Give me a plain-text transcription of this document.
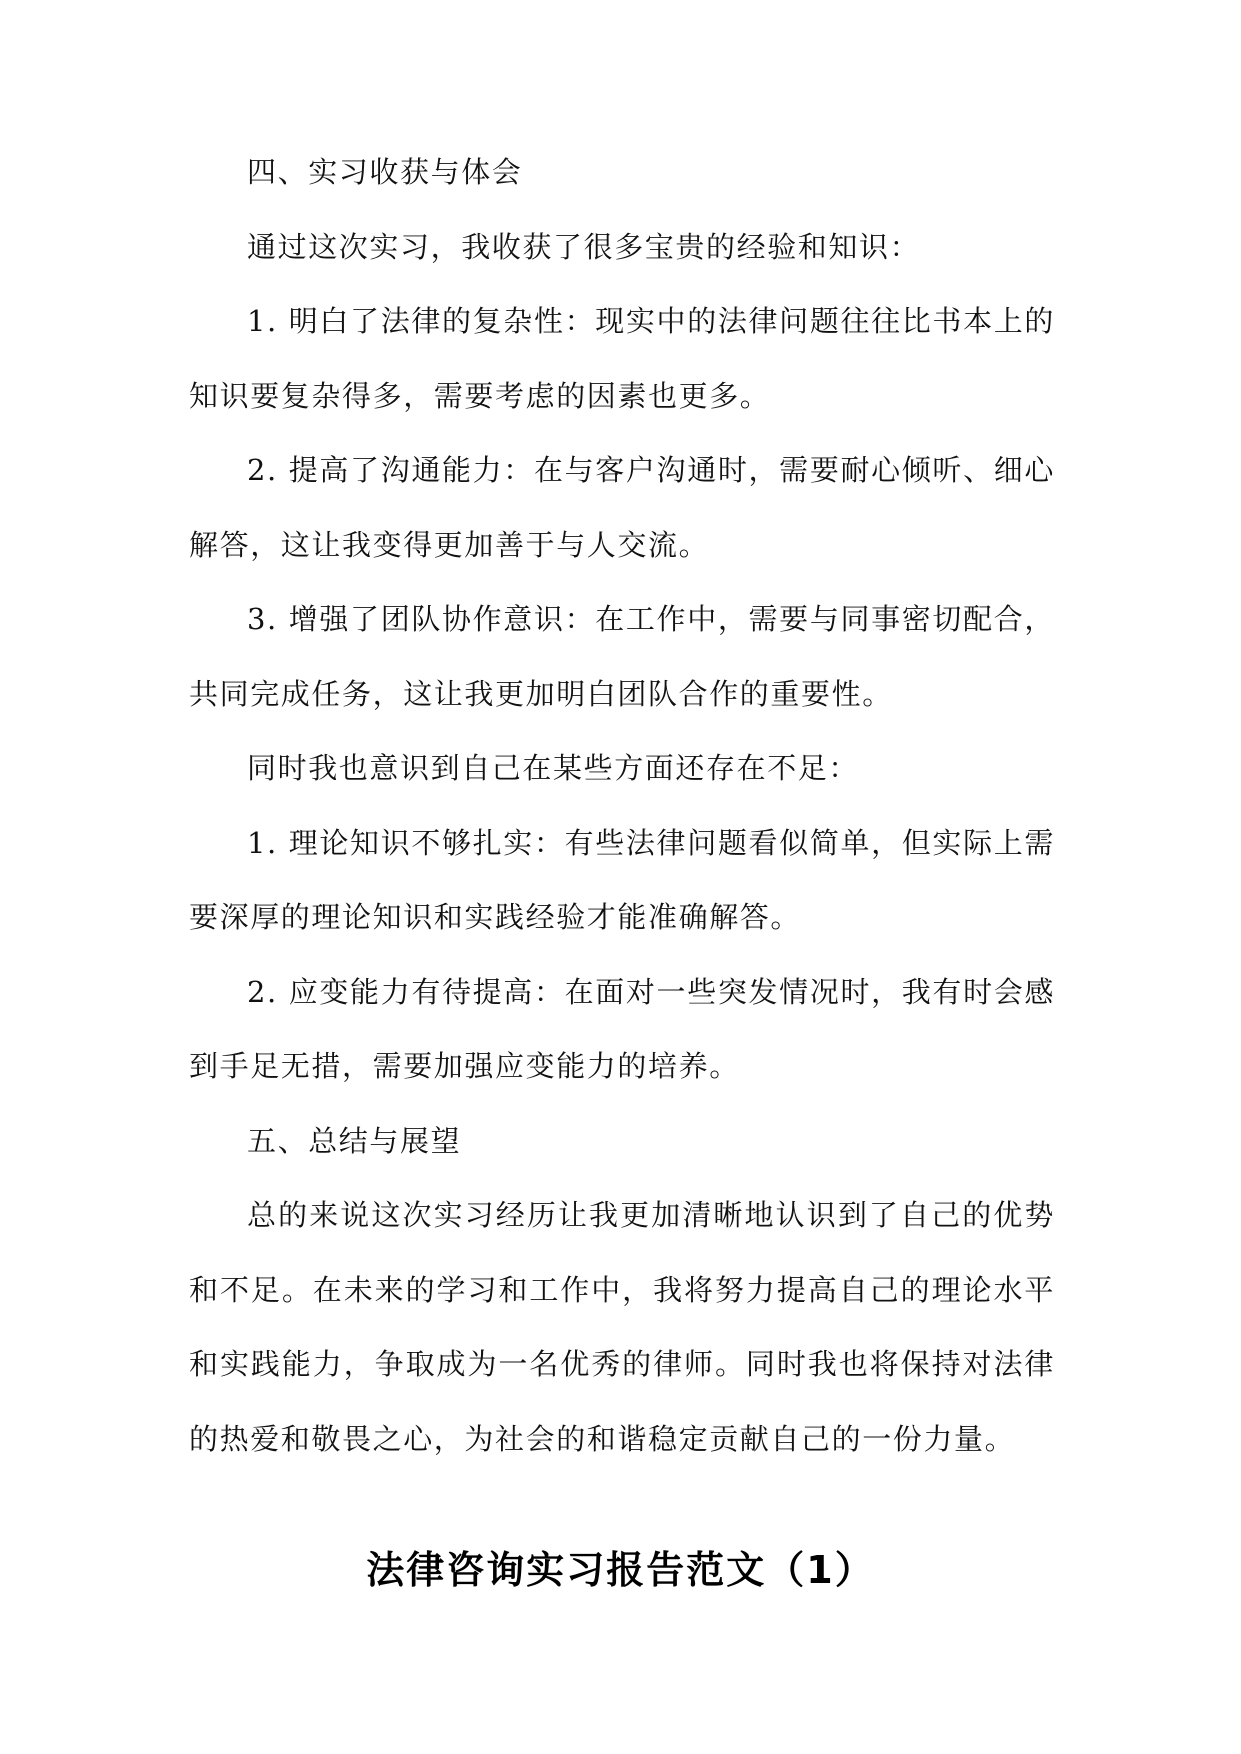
四、实习收获与体会

通过这次实习，我收获了很多宝贵的经验和知识：

1. 明白了法律的复杂性：现实中的法律问题往往比书本上的知识要复杂得多，需要考虑的因素也更多。

2. 提高了沟通能力：在与客户沟通时，需要耐心倾听、细心解答，这让我变得更加善于与人交流。

3. 增强了团队协作意识：在工作中，需要与同事密切配合，共同完成任务，这让我更加明白团队合作的重要性。

同时我也意识到自己在某些方面还存在不足：

1. 理论知识不够扎实：有些法律问题看似简单，但实际上需要深厚的理论知识和实践经验才能准确解答。

2. 应变能力有待提高：在面对一些突发情况时，我有时会感到手足无措，需要加强应变能力的培养。

五、总结与展望

总的来说这次实习经历让我更加清晰地认识到了自己的优势和不足。在未来的学习和工作中，我将努力提高自己的理论水平和实践能力，争取成为一名优秀的律师。同时我也将保持对法律的热爱和敬畏之心，为社会的和谐稳定贡献自己的一份力量。

法律咨询实习报告范文（1）
